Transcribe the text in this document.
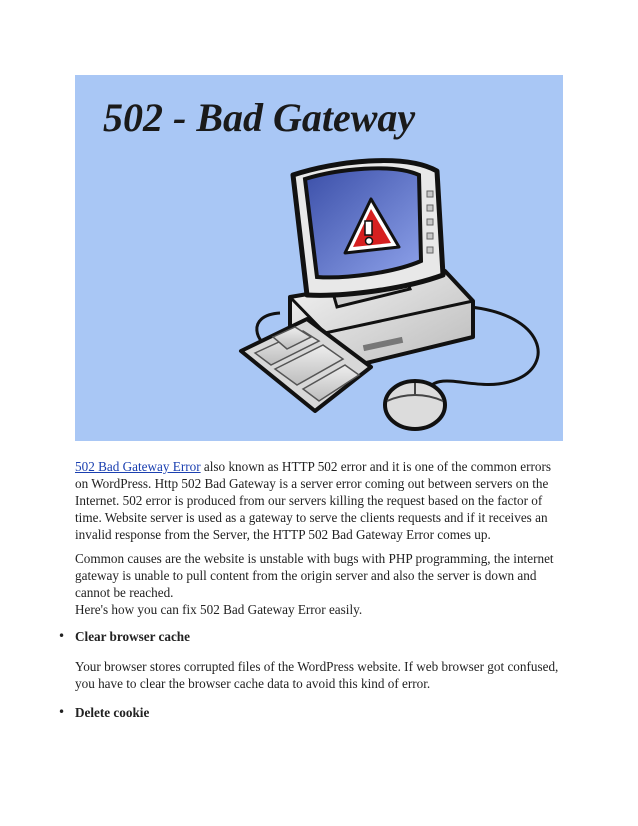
502 - Bad Gateway
502 Bad Gateway Error also known as HTTP 502 error and it is one of the common errors on WordPress. Http 502 Bad Gateway is a server error coming out between servers on the Internet. 502 error is produced from our servers killing the request based on the factor of time. Website server is used as a gateway to serve the clients requests and if it receives an invalid response from the Server, the HTTP 502 Bad Gateway Error comes up.
Common causes are the website is unstable with bugs with PHP programming, the internet gateway is unable to pull content from the origin server and also the server is down and cannot be reached.
Here's how you can fix 502 Bad Gateway Error easily.
• Clear browser cache
Your browser stores corrupted files of the WordPress website. If web browser got confused, you have to clear the browser cache data to avoid this kind of error.
• Delete cookie
